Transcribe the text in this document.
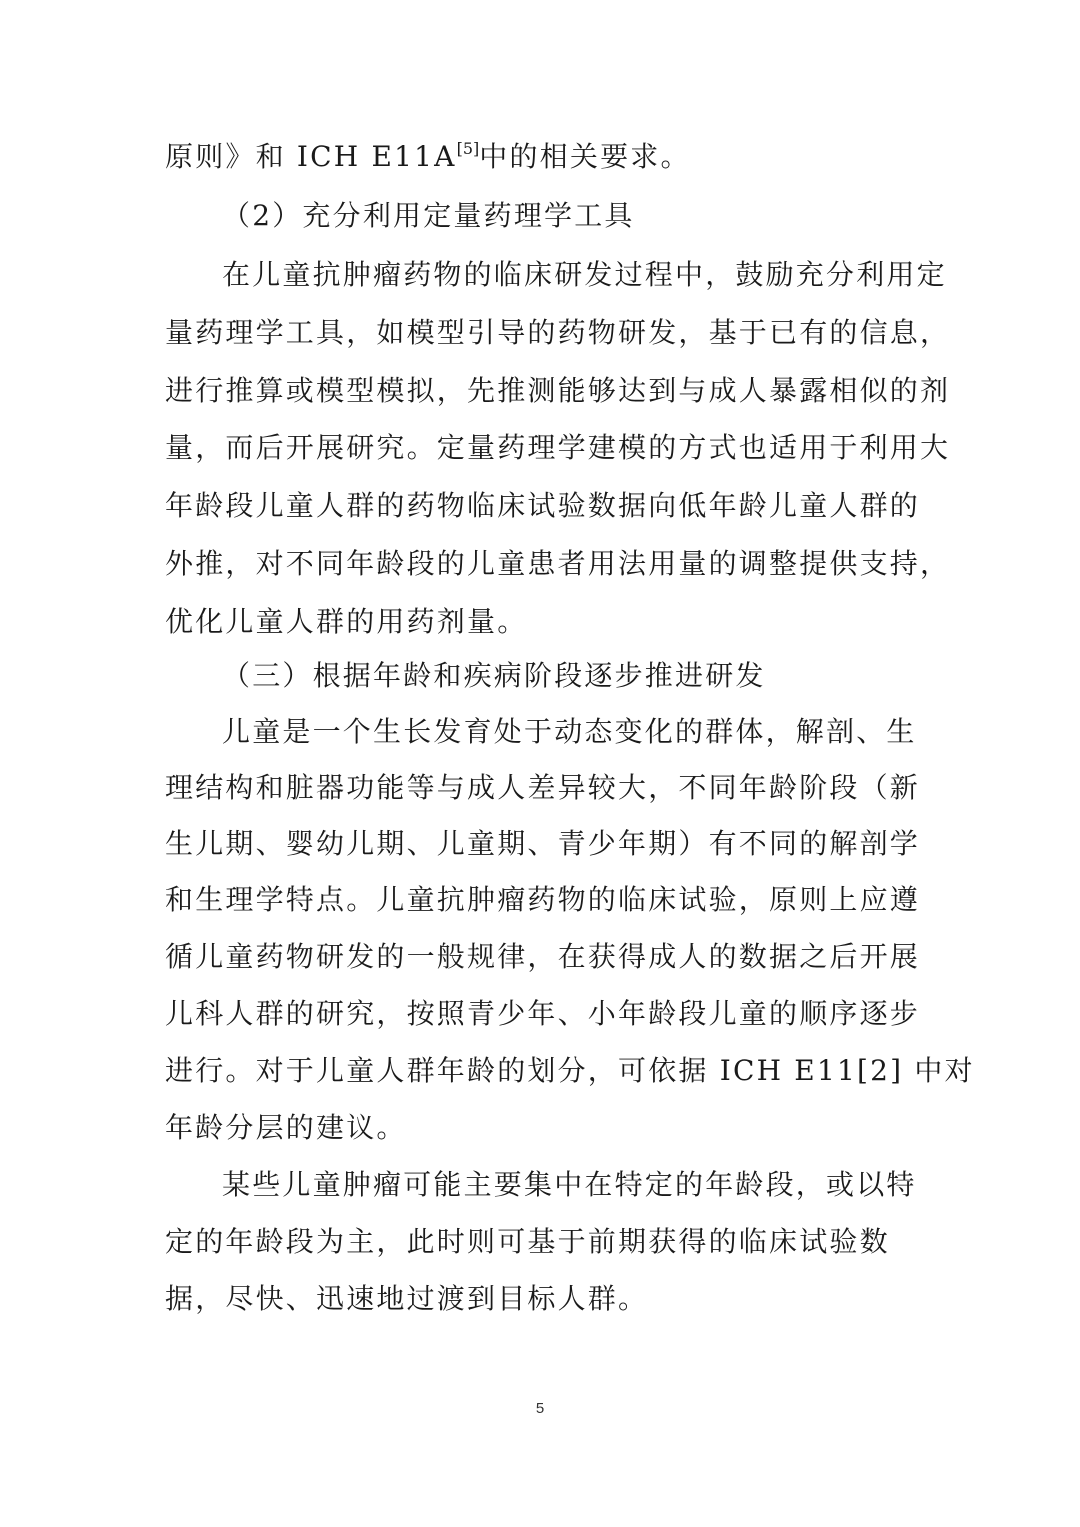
原则》和 ICH E11A[5]中的相关要求。
（2）充分利用定量药理学工具
在儿童抗肿瘤药物的临床研发过程中，鼓励充分利用定
量药理学工具，如模型引导的药物研发，基于已有的信息，
进行推算或模型模拟，先推测能够达到与成人暴露相似的剂
量，而后开展研究。定量药理学建模的方式也适用于利用大
年龄段儿童人群的药物临床试验数据向低年龄儿童人群的
外推，对不同年龄段的儿童患者用法用量的调整提供支持，
优化儿童人群的用药剂量。
（三）根据年龄和疾病阶段逐步推进研发
儿童是一个生长发育处于动态变化的群体，解剖、生
理结构和脏器功能等与成人差异较大，不同年龄阶段（新
生儿期、婴幼儿期、儿童期、青少年期）有不同的解剖学
和生理学特点。儿童抗肿瘤药物的临床试验，原则上应遵
循儿童药物研发的一般规律，在获得成人的数据之后开展
儿科人群的研究，按照青少年、小年龄段儿童的顺序逐步
进行。对于儿童人群年龄的划分，可依据 ICH E11[2] 中对
年龄分层的建议。
某些儿童肿瘤可能主要集中在特定的年龄段，或以特
定的年龄段为主，此时则可基于前期获得的临床试验数
据，尽快、迅速地过渡到目标人群。
5
